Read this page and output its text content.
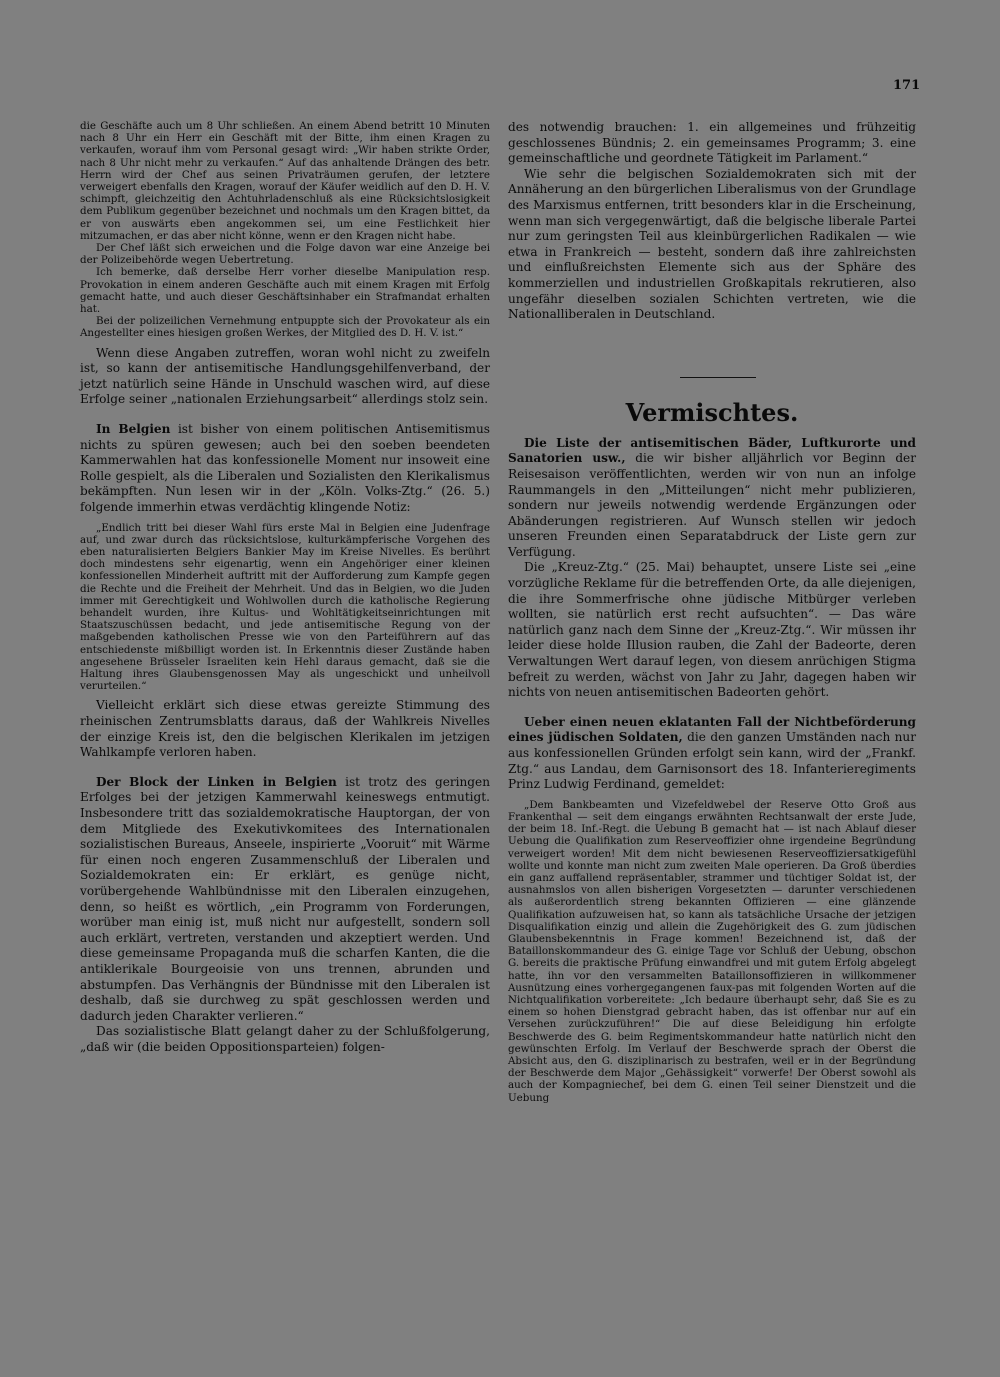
171

die Geschäfte auch um 8 Uhr schließen. An einem Abend betritt 10 Minuten nach 8 Uhr ein Herr ein Geschäft mit der Bitte, ihm einen Kragen zu verkaufen, worauf ihm vom Personal gesagt wird: „Wir haben strikte Order, nach 8 Uhr nicht mehr zu verkaufen.“ Auf das anhaltende Drängen des betr. Herrn wird der Chef aus seinen Privaträumen gerufen, der letztere verweigert ebenfalls den Kragen, worauf der Käufer weidlich auf den D. H. V. schimpft, gleichzeitig den Achtuhrladenschluß als eine Rücksichtslosigkeit dem Publikum gegenüber bezeichnet und nochmals um den Kragen bittet, da er von auswärts eben angekommen sei, um eine Festlichkeit hier mitzumachen, er das aber nicht könne, wenn er den Kragen nicht habe.

Der Chef läßt sich erweichen und die Folge davon war eine Anzeige bei der Polizeibehörde wegen Uebertretung.

Ich bemerke, daß derselbe Herr vorher dieselbe Manipulation resp. Provokation in einem anderen Geschäfte auch mit einem Kragen mit Erfolg gemacht hatte, und auch dieser Geschäftsinhaber ein Strafmandat erhalten hat.

Bei der polizeilichen Vernehmung entpuppte sich der Provokateur als ein Angestellter eines hiesigen großen Werkes, der Mitglied des D. H. V. ist.“

Wenn diese Angaben zutreffen, woran wohl nicht zu zweifeln ist, so kann der antisemitische Handlungsgehilfenverband, der jetzt natürlich seine Hände in Unschuld waschen wird, auf diese Erfolge seiner „nationalen Erziehungsarbeit“ allerdings stolz sein.

In Belgien ist bisher von einem politischen Antisemitismus nichts zu spüren gewesen; auch bei den soeben beendeten Kammerwahlen hat das konfessionelle Moment nur insoweit eine Rolle gespielt, als die Liberalen und Sozialisten den Klerikalismus bekämpften. Nun lesen wir in der „Köln. Volks-Ztg.“ (26. 5.) folgende immerhin etwas verdächtig klingende Notiz:

„Endlich tritt bei dieser Wahl fürs erste Mal in Belgien eine Judenfrage auf, und zwar durch das rücksichtslose, kulturkämpferische Vorgehen des eben naturalisierten Belgiers Bankier May im Kreise Nivelles. Es berührt doch mindestens sehr eigenartig, wenn ein Angehöriger einer kleinen konfessionellen Minderheit auftritt mit der Aufforderung zum Kampfe gegen die Rechte und die Freiheit der Mehrheit. Und das in Belgien, wo die Juden immer mit Gerechtigkeit und Wohlwollen durch die katholische Regierung behandelt wurden, ihre Kultus- und Wohltätigkeitseinrichtungen mit Staatszuschüssen bedacht, und jede antisemitische Regung von der maßgebenden katholischen Presse wie von den Parteiführern auf das entschiedenste mißbilligt worden ist. In Erkenntnis dieser Zustände haben angesehene Brüsseler Israeliten kein Hehl daraus gemacht, daß sie die Haltung ihres Glaubensgenossen May als ungeschickt und unheilvoll verurteilen.“

Vielleicht erklärt sich diese etwas gereizte Stimmung des rheinischen Zentrumsblatts daraus, daß der Wahlkreis Nivelles der einzige Kreis ist, den die belgischen Klerikalen im jetzigen Wahlkampfe verloren haben.

Der Block der Linken in Belgien ist trotz des geringen Erfolges bei der jetzigen Kammerwahl keineswegs entmutigt. Insbesondere tritt das sozialdemokratische Hauptorgan, der von dem Mitgliede des Exekutivkomitees des Internationalen sozialistischen Bureaus, Anseele, inspirierte „Vooruit“ mit Wärme für einen noch engeren Zusammenschluß der Liberalen und Sozialdemokraten ein: Er erklärt, es genüge nicht, vorübergehende Wahlbündnisse mit den Liberalen einzugehen, denn, so heißt es wörtlich, „ein Programm von Forderungen, worüber man einig ist, muß nicht nur aufgestellt, sondern soll auch erklärt, vertreten, verstanden und akzeptiert werden. Und diese gemeinsame Propaganda muß die scharfen Kanten, die die antiklerikale Bourgeoisie von uns trennen, abrunden und abstumpfen. Das Verhängnis der Bündnisse mit den Liberalen ist deshalb, daß sie durchweg zu spät geschlossen werden und dadurch jeden Charakter verlieren.“

Das sozialistische Blatt gelangt daher zu der Schlußfolgerung, „daß wir (die beiden Oppositionsparteien) folgen-

des notwendig brauchen: 1. ein allgemeines und frühzeitig geschlossenes Bündnis; 2. ein gemeinsames Programm; 3. eine gemeinschaftliche und geordnete Tätigkeit im Parlament.“

Wie sehr die belgischen Sozialdemokraten sich mit der Annäherung an den bürgerlichen Liberalismus von der Grundlage des Marxismus entfernen, tritt besonders klar in die Erscheinung, wenn man sich vergegenwärtigt, daß die belgische liberale Partei nur zum geringsten Teil aus kleinbürgerlichen Radikalen — wie etwa in Frankreich — besteht, sondern daß ihre zahlreichsten und einflußreichsten Elemente sich aus der Sphäre des kommerziellen und industriellen Großkapitals rekrutieren, also ungefähr dieselben sozialen Schichten vertreten, wie die Nationalliberalen in Deutschland.

Vermischtes.

Die Liste der antisemitischen Bäder, Luftkurorte und Sanatorien usw., die wir bisher alljährlich vor Beginn der Reisesaison veröffentlichten, werden wir von nun an infolge Raummangels in den „Mitteilungen“ nicht mehr publizieren, sondern nur jeweils notwendig werdende Ergänzungen oder Abänderungen registrieren. Auf Wunsch stellen wir jedoch unseren Freunden einen Separatabdruck der Liste gern zur Verfügung.

Die „Kreuz-Ztg.“ (25. Mai) behauptet, unsere Liste sei „eine vorzügliche Reklame für die betreffenden Orte, da alle diejenigen, die ihre Sommerfrische ohne jüdische Mitbürger verleben wollten, sie natürlich erst recht aufsuchten“. — Das wäre natürlich ganz nach dem Sinne der „Kreuz-Ztg.“. Wir müssen ihr leider diese holde Illusion rauben, die Zahl der Badeorte, deren Verwaltungen Wert darauf legen, von diesem anrüchigen Stigma befreit zu werden, wächst von Jahr zu Jahr, dagegen haben wir nichts von neuen antisemitischen Badeorten gehört.

Ueber einen neuen eklatanten Fall der Nichtbeförderung eines jüdischen Soldaten, die den ganzen Umständen nach nur aus konfessionellen Gründen erfolgt sein kann, wird der „Frankf. Ztg.“ aus Landau, dem Garnisonsort des 18. Infanterieregiments Prinz Ludwig Ferdinand, gemeldet:

„Dem Bankbeamten und Vizefeldwebel der Reserve Otto Groß aus Frankenthal — seit dem eingangs erwähnten Rechtsanwalt der erste Jude, der beim 18. Inf.-Regt. die Uebung B gemacht hat — ist nach Ablauf dieser Uebung die Qualifikation zum Reserveoffizier ohne irgendeine Begründung verweigert worden! Mit dem nicht bewiesenen Reserveoffiziersatkigefühl wollte und konnte man nicht zum zweiten Male operieren. Da Groß überdies ein ganz auffallend repräsentabler, strammer und tüchtiger Soldat ist, der ausnahmslos von allen bisherigen Vorgesetzten — darunter verschiedenen als außerordentlich streng bekannten Offizieren — eine glänzende Qualifikation aufzuweisen hat, so kann als tatsächliche Ursache der jetzigen Disqualifikation einzig und allein die Zugehörigkeit des G. zum jüdischen Glaubensbekenntnis in Frage kommen! Bezeichnend ist, daß der Bataillonskommandeur des G. einige Tage vor Schluß der Uebung, obschon G. bereits die praktische Prüfung einwandfrei und mit gutem Erfolg abgelegt hatte, ihn vor den versammelten Bataillonsoffizieren in willkommener Ausnützung eines vorhergegangenen faux-pas mit folgenden Worten auf die Nichtqualifikation vorbereitete: „Ich bedaure überhaupt sehr, daß Sie es zu einem so hohen Dienstgrad gebracht haben, das ist offenbar nur auf ein Versehen zurückzuführen!“ Die auf diese Beleidigung hin erfolgte Beschwerde des G. beim Regimentskommandeur hatte natürlich nicht den gewünschten Erfolg. Im Verlauf der Beschwerde sprach der Oberst die Absicht aus, den G. disziplinarisch zu bestrafen, weil er in der Begründung der Beschwerde dem Major „Gehässigkeit“ vorwerfe! Der Oberst sowohl als auch der Kompagniechef, bei dem G. einen Teil seiner Dienstzeit und die Uebung
